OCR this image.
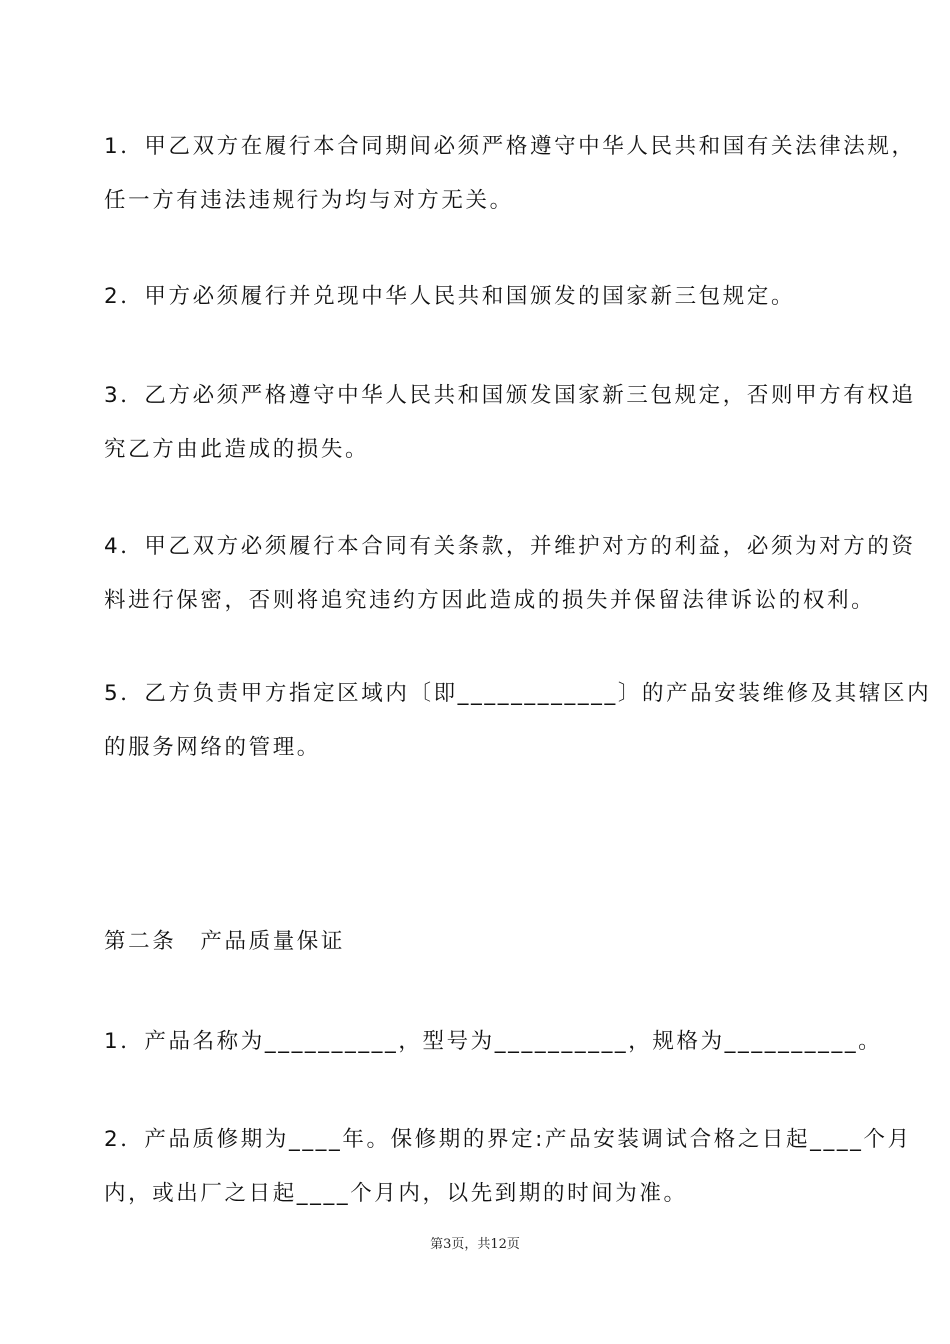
1．甲乙双方在履行本合同期间必须严格遵守中华人民共和国有关法律法规，
任一方有违法违规行为均与对方无关。
2．甲方必须履行并兑现中华人民共和国颁发的国家新三包规定。
3．乙方必须严格遵守中华人民共和国颁发国家新三包规定，否则甲方有权追
究乙方由此造成的损失。
4．甲乙双方必须履行本合同有关条款，并维护对方的利益，必须为对方的资
料进行保密，否则将追究违约方因此造成的损失并保留法律诉讼的权利。
5．乙方负责甲方指定区域内〔即____________〕的产品安装维修及其辖区内
的服务网络的管理。
第二条　产品质量保证
1．产品名称为__________，型号为__________，规格为__________。
2．产品质修期为____年。保修期的界定:产品安装调试合格之日起____个月
内，或出厂之日起____个月内，以先到期的时间为准。
第3页，共12页
